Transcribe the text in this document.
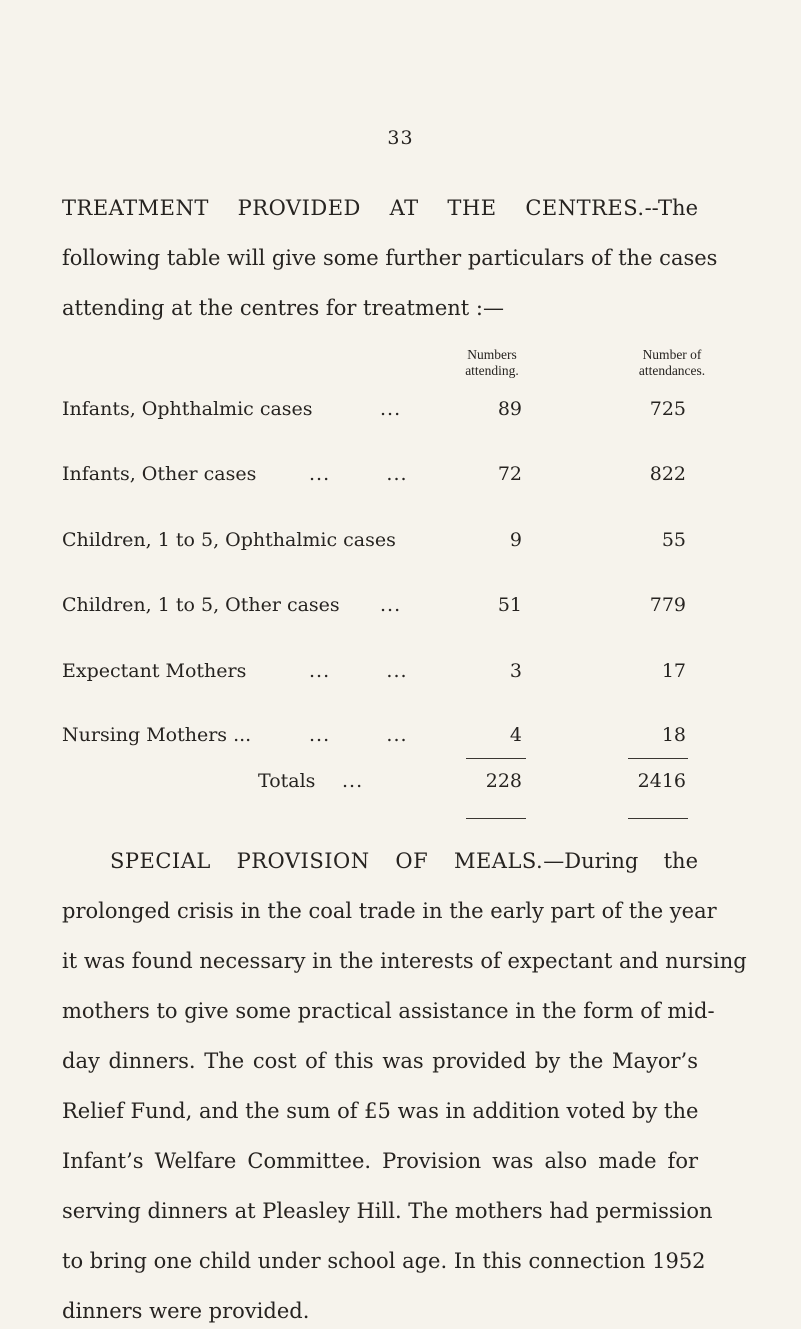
33
TREATMENT PROVIDED AT THE CENTRES.--The
following table will give some further particulars of the cases
attending at the centres for treatment :—
Numbers
attending.
Number of
attendances.
Infants, Ophthalmic cases	...	89	725
Infants, Other cases	...        ...	72	822
Children, 1 to 5, Ophthalmic cases	9	55
Children, 1 to 5, Other cases ...	51	779
Expectant Mothers	...        ...	3	17
Nursing Mothers ...	...        ...	4	18
Totals ...	228	2416
SPECIAL PROVISION OF MEALS.—During the
prolonged crisis in the coal trade in the early part of the year
it was found necessary in the interests of expectant and nursing
mothers to give some practical assistance in the form of mid-
day dinners. The cost of this was provided by the Mayor’s
Relief Fund, and the sum of £5 was in addition voted by the
Infant’s Welfare Committee. Provision was also made for
serving dinners at Pleasley Hill. The mothers had permission
to bring one child under school age. In this connection 1952
dinners were provided.
